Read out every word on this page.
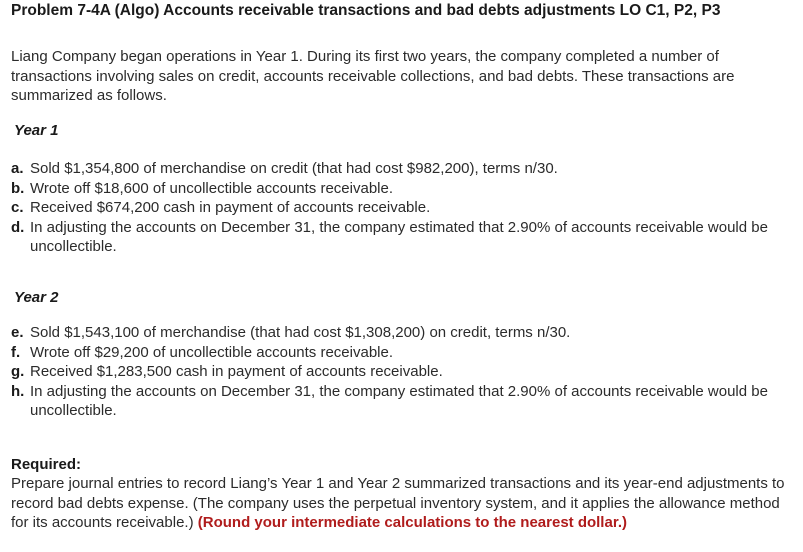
Problem 7-4A (Algo) Accounts receivable transactions and bad debts adjustments LO C1, P2, P3
Liang Company began operations in Year 1. During its first two years, the company completed a number of transactions involving sales on credit, accounts receivable collections, and bad debts. These transactions are summarized as follows.
Year 1
a. Sold $1,354,800 of merchandise on credit (that had cost $982,200), terms n/30.
b. Wrote off $18,600 of uncollectible accounts receivable.
c. Received $674,200 cash in payment of accounts receivable.
d. In adjusting the accounts on December 31, the company estimated that 2.90% of accounts receivable would be uncollectible.
Year 2
e. Sold $1,543,100 of merchandise (that had cost $1,308,200) on credit, terms n/30.
f. Wrote off $29,200 of uncollectible accounts receivable.
g. Received $1,283,500 cash in payment of accounts receivable.
h. In adjusting the accounts on December 31, the company estimated that 2.90% of accounts receivable would be uncollectible.
Required:
Prepare journal entries to record Liang’s Year 1 and Year 2 summarized transactions and its year-end adjustments to record bad debts expense. (The company uses the perpetual inventory system, and it applies the allowance method for its accounts receivable.) (Round your intermediate calculations to the nearest dollar.)
